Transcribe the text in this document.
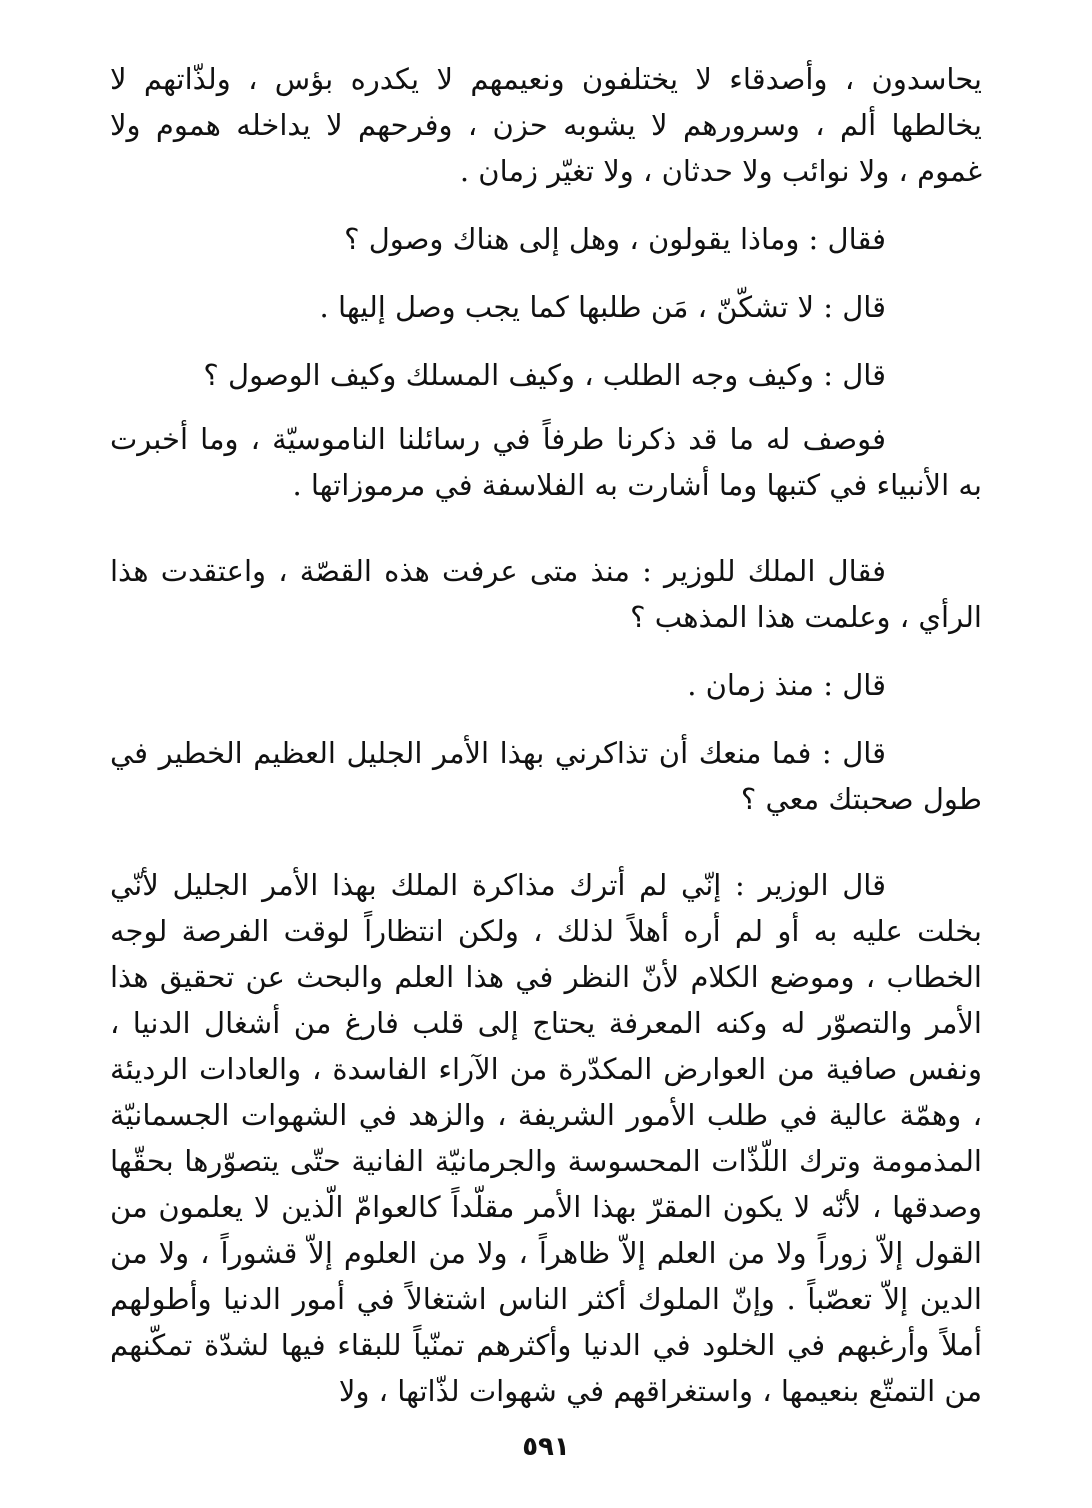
يحاسدون ، وأصدقاء لا يختلفون ونعيمهم لا يكدره بؤس ، ولذّاتهم لا يخالطها ألم ، وسرورهم لا يشوبه حزن ، وفرحهم لا يداخله هموم ولا غموم ، ولا نوائب ولا حدثان ، ولا تغيّر زمان .

فقال : وماذا يقولون ، وهل إلى هناك وصول ؟

قال : لا تشكّنّ ، مَن طلبها كما يجب وصل إليها .

قال : وكيف وجه الطلب ، وكيف المسلك وكيف الوصول ؟

فوصف له ما قد ذكرنا طرفاً في رسائلنا الناموسيّة ، وما أخبرت به الأنبياء في كتبها وما أشارت به الفلاسفة في مرموزاتها .

فقال الملك للوزير : منذ متى عرفت هذه القصّة ، واعتقدت هذا الرأي ، وعلمت هذا المذهب ؟

قال : منذ زمان .

قال : فما منعك أن تذاكرني بهذا الأمر الجليل العظيم الخطير في طول صحبتك معي ؟

قال الوزير : إنّي لم أترك مذاكرة الملك بهذا الأمر الجليل لأنّي بخلت عليه به أو لم أره أهلاً لذلك ، ولكن انتظاراً لوقت الفرصة لوجه الخطاب ، وموضع الكلام لأنّ النظر في هذا العلم والبحث عن تحقيق هذا الأمر والتصوّر له وكنه المعرفة يحتاج إلى قلب فارغ من أشغال الدنيا ، ونفس صافية من العوارض المكدّرة من الآراء الفاسدة ، والعادات الرديئة ، وهمّة عالية في طلب الأمور الشريفة ، والزهد في الشهوات الجسمانيّة المذمومة وترك اللّذّات المحسوسة والجرمانيّة الفانية حتّى يتصوّرها بحقّها وصدقها ، لأنّه لا يكون المقرّ بهذا الأمر مقلّداً كالعوامّ الّذين لا يعلمون من القول إلاّ زوراً ولا من العلم إلاّ ظاهراً ، ولا من العلوم إلاّ قشوراً ، ولا من الدين إلاّ تعصّباً . وإنّ الملوك أكثر الناس اشتغالاً في أمور الدنيا وأطولهم أملاً وأرغبهم في الخلود في الدنيا وأكثرهم تمنّياً للبقاء فيها لشدّة تمكّنهم من التمتّع بنعيمها ، واستغراقهم في شهوات لذّاتها ، ولا

٥٩١
